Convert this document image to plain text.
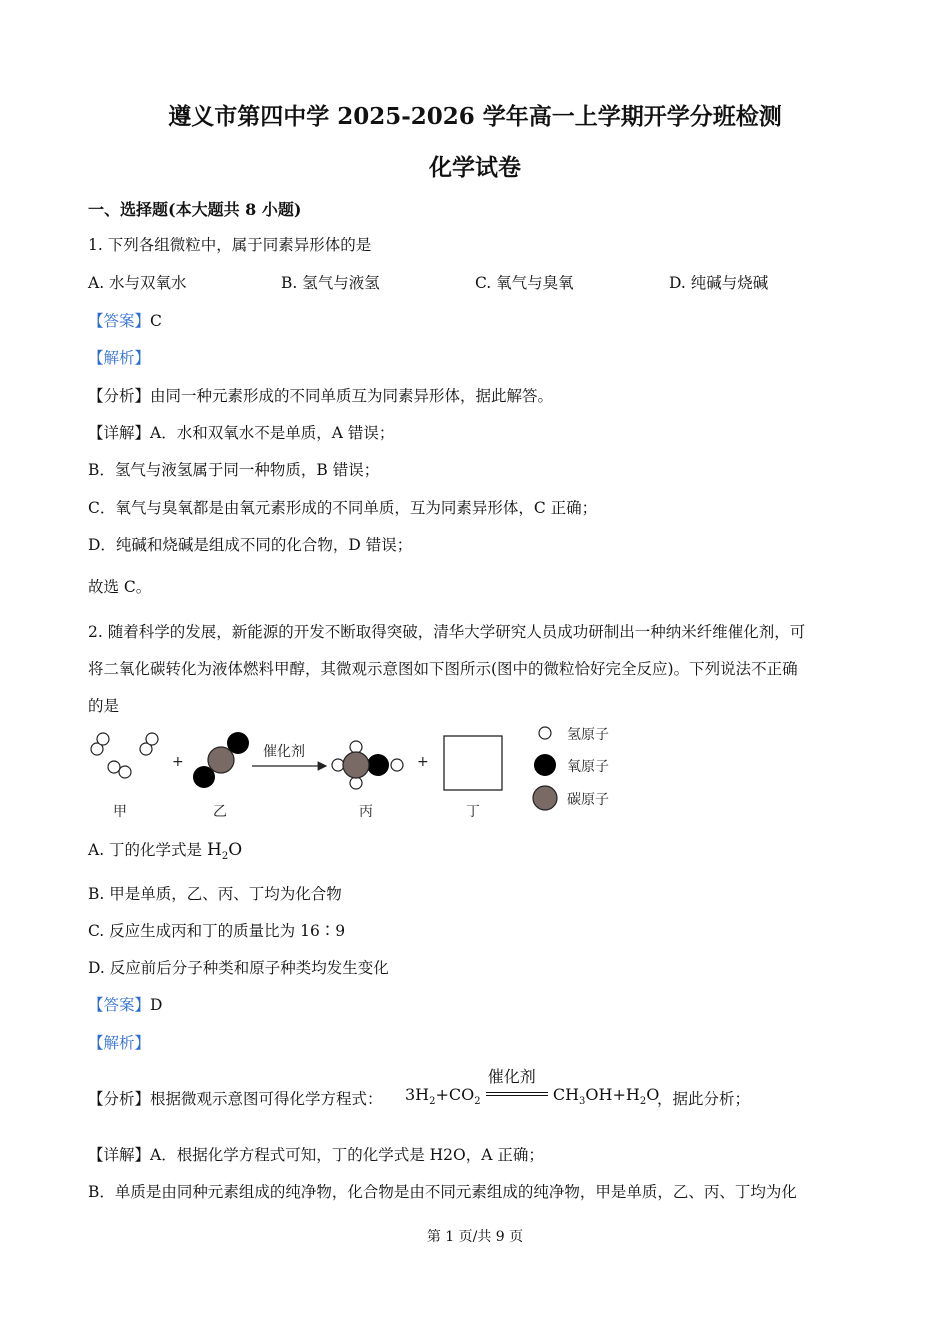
遵义市第四中学 2025-2026 学年高一上学期开学分班检测
化学试卷
一、选择题(本大题共 8 小题)
1. 下列各组微粒中，属于同素异形体的是
A. 水与双氧水	B. 氢气与液氢	C. 氧气与臭氧	D. 纯碱与烧碱
【答案】C
【解析】
【分析】由同一种元素形成的不同单质互为同素异形体，据此解答。
【详解】A．水和双氧水不是单质，A 错误；
B．氢气与液氢属于同一种物质，B 错误；
C．氧气与臭氧都是由氧元素形成的不同单质，互为同素异形体，C 正确；
D．纯碱和烧碱是组成不同的化合物，D 错误；
故选 C。
2. 随着科学的发展，新能源的开发不断取得突破，清华大学研究人员成功研制出一种纳米纤维催化剂，可
将二氧化碳转化为液体燃料甲醇，其微观示意图如下图所示(图中的微粒恰好完全反应)。下列说法不正确
的是
+
催化剂
+
甲	乙	丙	丁
氢原子
氧原子
碳原子
A. 丁的化学式是 $H_2O$
B. 甲是单质，乙、丙、丁均为化合物
C. 反应生成丙和丁的质量比为 16∶9
D. 反应前后分子种类和原子种类均发生变化
【答案】D
【解析】
【分析】根据微观示意图可得化学方程式： $3H_2+CO_2$
催化剂
$CH_3OH+H_2O$
，据此分析；
【详解】A．根据化学方程式可知，丁的化学式是 H2O，A 正确；
B．单质是由同种元素组成的纯净物，化合物是由不同元素组成的纯净物，甲是单质，乙、丙、丁均为化
第 1 页/共 9 页
